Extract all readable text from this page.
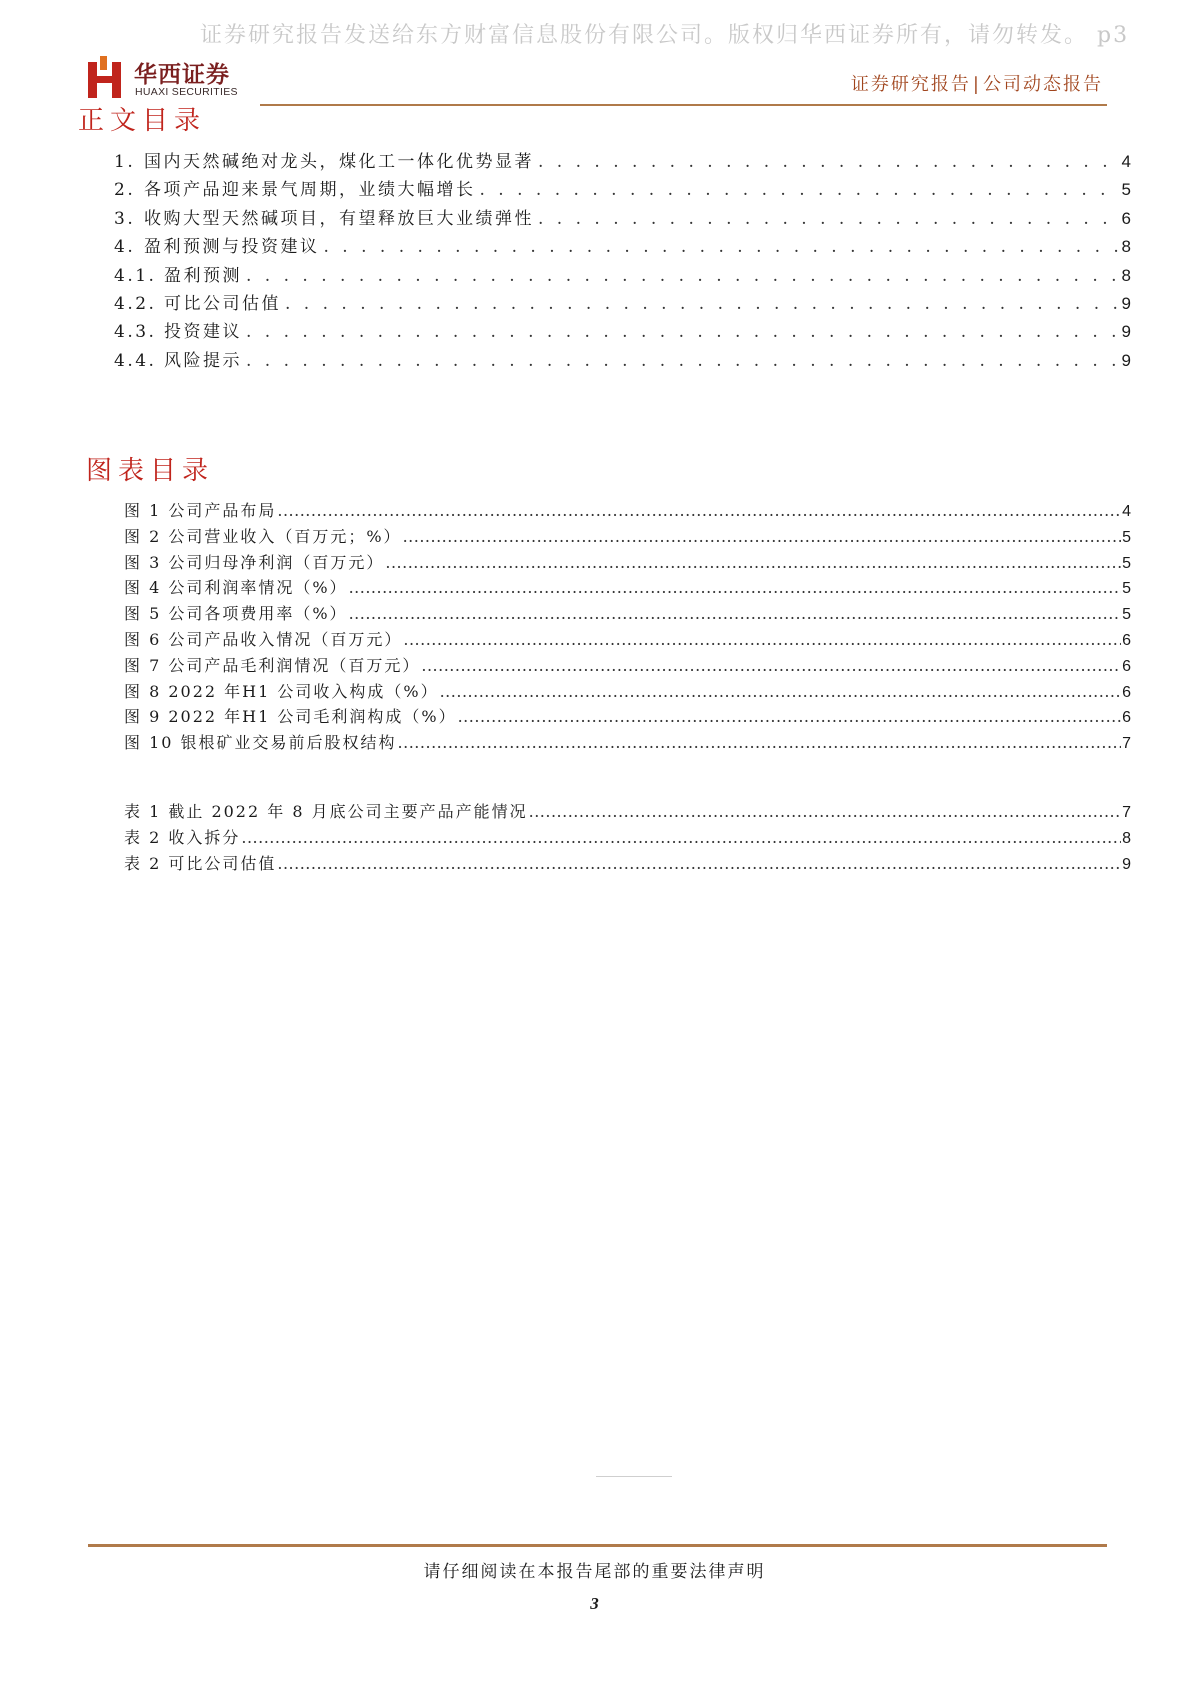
证券研究报告发送给东方财富信息股份有限公司。版权归华西证券所有，请勿转发。 p3
华西证券
HUAXI SECURITIES	证券研究报告 | 公司动态报告
正文目录
1. 国内天然碱绝对龙头，煤化工一体化优势显著 . . .	4
2. 各项产品迎来景气周期，业绩大幅增长 . . .	5
3. 收购大型天然碱项目，有望释放巨大业绩弹性 . . .	6
4. 盈利预测与投资建议 . . .	8
4.1. 盈利预测 . . .	8
4.2. 可比公司估值 . . .	9
4.3. 投资建议 . . .	9
4.4. 风险提示 . . .	9
图表目录
图 1 公司产品布局 .....	4
图 2 公司营业收入（百万元；%） .....	5
图 3 公司归母净利润（百万元） .....	5
图 4 公司利润率情况（%） .....	5
图 5 公司各项费用率（%） .....	5
图 6 公司产品收入情况（百万元） .....	6
图 7 公司产品毛利润情况（百万元） .....	6
图 8 2022 年H1 公司收入构成（%） .....	6
图 9 2022 年H1 公司毛利润构成（%） .....	6
图 10 银根矿业交易前后股权结构 .....	7
表 1 截止 2022 年 8 月底公司主要产品产能情况 .....	7
表 2 收入拆分 .....	8
表 2 可比公司估值 .....	9
请仔细阅读在本报告尾部的重要法律声明
3
